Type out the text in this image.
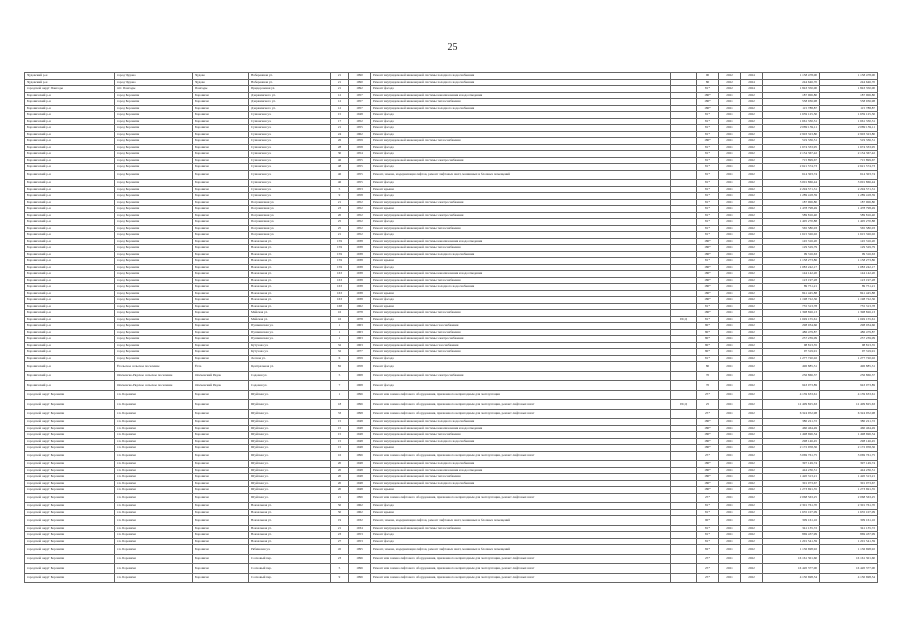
25
Чудовский р-н	город Чудово	Чудово	Набережная ул.	21	1990	Ремонт внутридомовой инженерной системы холодного водоснабжения		90	2022	2024	1 158 478,00	1 158 478,00
Чудовский р-н	город Чудово	Чудово	Набережная ул.	21	1990	Ремонт внутридомовой инженерной системы холодного водоснабжения		80	2022	2024	244 646,70	244 646,70
городской округ Пангоды	пгт. Пангоды	Пангоды	Придорожная ул.	21	1992	Ремонт фасада		81*	2022	2024	1 843 350,00	1 843 350,00
Боровичский р-н	город Боровичи	Боровичи	Дзержинского ул.	12	1957	Ремонт внутридомовой инженерной системы канализования и водоотведения		180*	2021	2022	187 906,80	187 906,80
Боровичский р-н	город Боровичи	Боровичи	Дзержинского ул.	12	1957	Ремонт внутридомовой инженерной системы теплоснабжения		180*	2021	2022	558 936,98	558 936,98
Боровичский р-н	город Боровичи	Боровичи	Дзержинского ул.	12	1957	Ремонт внутридомовой инженерной системы холодного водоснабжения		180*	2021	2022	115 788,87	115 788,87
Боровичский р-н	город Боровичи	Боровичи	Сушанская ул.	15	1948	Ремонт фасада		81*	2021	2022	1 659 125,50	1 659 125,50
Боровичский р-н	город Боровичи	Боровичи	Сушанская ул.	17	1952	Ремонт фасада		81*	2021	2022	1 661 330,31	1 661 330,31
Боровичский р-н	город Боровичи	Боровичи	Сушанская ул.	21	1955	Ремонт фасада		81*	2021	2022	2 089 159,11	2 089 159,11
Боровичский р-н	город Боровичи	Боровичи	Сушанская ул.	24	1962	Ремонт фасада		81*	2021	2022	2 903 323,80	2 903 323,80
Боровичский р-н	город Боровичи	Боровичи	Сушанская ул.	26	1959	Ремонт внутридомовой инженерной системы теплоснабжения		180*	2021	2022	519 336,51	519 336,51
Боровичский р-н	город Боровичи	Боровичи	Сушанская ул.	28	1958	Ремонт фасада		81*	2021	2022	1 674 333,95	1 674 333,95
Боровичский р-н	город Боровичи	Боровичи	Сушанская ул.	30	1954	Ремонт фасада		81*	2021	2022	2 154 367,42	2 154 367,42
Боровичский р-н	город Боровичи	Боровичи	Сушанская ул.	46	1955	Ремонт внутридомовой инженерной системы электроснабжения		81*	2021	2022	715 899,67	715 899,67
Боровичский р-н	город Боровичи	Боровичи	Сушанская ул.	48	1955	Ремонт фасада		81*	2021	2022	2 621 574,73	2 621 574,73
Боровичский р-н	город Боровичи	Боровичи	Сушанская ул.	46	1955	Ремонт, замена, модернизация лифтов, ремонт лифтовых шахт, машинных и блочных помещений		81*	2021	2022	614 303,74	614 303,74
Боровичский р-н	город Боровичи	Боровичи	Сушанская ул.	46	1955	Ремонт фасада		81*	2021	2022	3 001 866,44	3 001 866,44
Боровичский р-н	город Боровичи	Боровичи	Сушанская ул.	5	1953	Ремонт крыши		81*	2021	2022	2 294 571,31	2 294 571,31
Боровичский р-н	город Боровичи	Боровичи	Сушанская ул.	9	1958	Ремонт фасада		81*	2021	2022	1 289 418,59	1 289 418,59
Боровичский р-н	город Боровичи	Боровичи	Пограничная ул.	21	1952	Ремонт внутридомовой инженерной системы электроснабжения		81*	2021	2022	187 906,80	187 906,80
Боровичский р-н	город Боровичи	Боровичи	Пограничная ул.	23	1952	Ремонт крыши		81*	2021	2022	1 478 798,49	1 478 798,49
Боровичский р-н	город Боровичи	Боровичи	Пограничная ул.	20	1952	Ремонт внутридомовой инженерной системы электроснабжения		81*	2021	2022	589 816,40	589 816,40
Боровичский р-н	город Боровичи	Боровичи	Пограничная ул.	25	1952	Ремонт фасада		81*	2021	2022	1 405 270,88	1 405 270,88
Боровичский р-н	город Боровичи	Боровичи	Пограничная ул.	25	1952	Ремонт внутридомовой инженерной системы теплоснабжения		81*	2021	2022	565 580,03	565 580,03
Боровичский р-н	город Боровичи	Боровичи	Пограничная ул.	21	1952	Ремонт фасада		81*	2021	2022	1 615 326,02	1 615 326,02
Боровичский р-н	город Боровичи	Боровичи	Вокзальная ул.	159	1938	Ремонт внутридомовой инженерной системы канализования и водоотведения		180*	2021	2022	145 316,20	145 316,20
Боровичский р-н	город Боровичи	Боровичи	Вокзальная ул.	159	1938	Ремонт внутридомовой инженерной системы теплоснабжения		180*	2021	2022	129 529,79	129 529,79
Боровичский р-н	город Боровичи	Боровичи	Вокзальная ул.	159	1938	Ремонт внутридомовой инженерной системы холодного водоснабжения		180*	2021	2022	99 316,63	99 316,63
Боровичский р-н	город Боровичи	Боровичи	Вокзальная ул.	159	1938	Ремонт крыши		81*	2021	2022	1 158 273,86	1 158 273,86
Боровичский р-н	город Боровичи	Боровичи	Вокзальная ул.	159	1938	Ремонт фасада		180*	2021	2022	1 083 242,17	1 083 242,17
Боровичский р-н	город Боровичи	Боровичи	Вокзальная ул.	163	1938	Ремонт внутридомовой инженерной системы канализования и водоотведения		180*	2021	2022	144 142,20	144 142,20
Боровичский р-н	город Боровичи	Боровичи	Вокзальная ул.	163	1938	Ремонт внутридомовой инженерной системы теплоснабжения		180*	2021	2022	123 197,28	123 197,28
Боровичский р-н	город Боровичи	Боровичи	Вокзальная ул.	163	1938	Ремонт внутридомовой инженерной системы холодного водоснабжения		180*	2021	2022	89 751,21	89 751,21
Боровичский р-н	город Боровичи	Боровичи	Вокзальная ул.	163	1938	Ремонт крыши		180*	2021	2022	841 445,88	841 445,88
Боровичский р-н	город Боровичи	Боровичи	Вокзальная ул.	163	1938	Ремонт фасада		180*	2021	2022	1 198 722,36	1 198 722,36
Боровичский р-н	город Боровичи	Боровичи	Вокзальная ул.	168	1962	Ремонт крыши		81*	2021	2022	755 313,78	755 313,78
Боровичский р-н	город Боровичи	Боровичи	Майская ул.	16	1978	Ремонт внутридомовой инженерной системы теплоснабжения		180*	2021	2022	1 398 826,13	1 398 826,13
Боровичский р-н	город Боровичи	Боровичи	Майская ул.	16	1978	Ремонт фасада	ПСД	81*	2021	2022	1 049 155,61	1 049 155,61
Боровичский р-н	город Боровичи	Боровичи	Пушкинская ул.	1	1963	Ремонт внутридомовой инженерной системы газоснабжения		80*	2021	2022	298 034,66	298 034,66
Боровичский р-н	город Боровичи	Боровичи	Пушкинская ул.	1	1963	Ремонт внутридомовой инженерной системы теплоснабжения		80*	2021	2022	486 479,87	486 479,87
Боровичский р-н	город Боровичи	Боровичи	Пушкинская ул.	1	1963	Ремонт внутридомовой инженерной системы электроснабжения		80*	2021	2022	257 239,09	257 239,09
Боровичский р-н	город Боровичи	Боровичи	Кутузова ул.	32	1963	Ремонт внутридомовой инженерной системы газоснабжения		80*	2021	2022	98 813,35	98 813,35
Боровичский р-н	город Боровичи	Боровичи	Кутузова ул.	32	1977	Ремонт внутридомовой инженерной системы теплоснабжения		80*	2021	2022	97 319,91	97 319,91
Боровичский р-н	город Боровичи	Боровичи	Лесная ул.	6	1959	Ремонт фасада		81*	2021	2022	1 277 720,02	1 277 720,02
Боровичский р-н	Ёгольское сельское поселение	Ёгла	Центральная ул.	82	1958	Ремонт фасада		80	2021	2022	496 885,31	496 885,31
Боровичский р-н	Опеченско-Рядское сельское поселение	Опеченский Рядок	Садовая ул.	5	1968	Ремонт внутридомовой инженерной системы электроснабжения		70	2021	2022	256 866,37	256 866,37
Боровичский р-н	Опеченско-Рядское сельское поселение	Опеченский Рядок	Садовая ул.	7	1968	Ремонт фасада		70	2021	2022	943 073,89	943 073,89
городской округ Боровичи	г.п. Боровичи	Боровичи	Шуйская ул.	1	1996	Ремонт или замена лифтового оборудования, признанного непригодным для эксплуатации		25*	2021	2022	4 139 633,61	4 139 633,61
городской округ Боровичи	г.п. Боровичи	Боровичи	Шуйская ул.	18	1996	Ремонт или замена лифтового оборудования, признанного непригодным для эксплуатации, ремонт лифтовых шахт	ПСД	25	2021	2022	12 409 825,63	12 409 825,63
городской округ Боровичи	г.п. Боровичи	Боровичи	Шуйская ул.	33	1998	Ремонт или замена лифтового оборудования, признанного непригодным для эксплуатации, ремонт лифтовых шахт		25*	2021	2022	6 324 952,98	6 324 952,98
городской округ Боровичи	г.п. Боровичи	Боровичи	Шуйская ул.	15	1948	Ремонт внутридомовой инженерной системы холодного водоснабжения		180*	2021	2022	380 221,72	380 221,72
городской округ Боровичи	г.п. Боровичи	Боровичи	Шуйская ул.	15	1948	Ремонт внутридомовой инженерной системы канализования и водоотведения		180*	2021	2022	460 464,49	460 464,49
городской округ Боровичи	г.п. Боровичи	Боровичи	Шуйская ул.	15	1948	Ремонт внутридомовой инженерной системы теплоснабжения		180*	2021	2022	1 498 696,54	1 498 696,54
городской округ Боровичи	г.п. Боровичи	Боровичи	Шуйская ул.	15	1948	Ремонт внутридомовой инженерной системы холодного водоснабжения		180*	2021	2022	298 146,45	298 146,45
городской округ Боровичи	г.п. Боровичи	Боровичи	Шуйская ул.	15	1948	Ремонт крыши		180*	2021	2022	2 172 958,36	2 172 958,36
городской округ Боровичи	г.п. Боровичи	Боровичи	Шуйская ул.	16	1996	Ремонт или замена лифтового оборудования, признанного непригодным для эксплуатации, ремонт лифтовых шахт		25*	2021	2022	3 069 761,75	3 069 761,75
городской округ Боровичи	г.п. Боровичи	Боровичи	Шуйская ул.	20	1948	Ремонт внутридомовой инженерной системы холодного водоснабжения		180*	2021	2022	397 149,74	397 149,74
городской округ Боровичи	г.п. Боровичи	Боровичи	Шуйская ул.	20	1948	Ремонт внутридомовой инженерной системы канализования и водоотведения		180*	2021	2022	444 236,51	444 236,51
городской округ Боровичи	г.п. Боровичи	Боровичи	Шуйская ул.	20	1948	Ремонт внутридомовой инженерной системы теплоснабжения		180*	2021	2022	1 420 313,21	1 420 313,21
городской округ Боровичи	г.п. Боровичи	Боровичи	Шуйская ул.	20	1948	Ремонт внутридомовой инженерной системы холодного водоснабжения		180*	2021	2022	301 073,67	301 073,67
городской округ Боровичи	г.п. Боровичи	Боровичи	Шуйская ул.	20	1948	Ремонт крыши		180*	2021	2022	1 273 691,35	1 273 691,35
городской округ Боровичи	г.п. Боровичи	Боровичи	Шуйская ул.	21	1996	Ремонт или замена лифтового оборудования, признанного непригодным для эксплуатации, ремонт лифтовых шахт		25*	2021	2022	2 068 563,25	2 068 563,25
городской округ Боровичи	г.п. Боровичи	Боровичи	Вокзальная ул.	50	1962	Ремонт фасада		81*	2021	2022	2 301 761,70	2 301 761,70
городской округ Боровичи	г.п. Боровичи	Боровичи	Вокзальная ул.	50	1962	Ремонт крыши		81*	2021	2022	1 635 107,09	1 635 107,09
городской округ Боровичи	г.п. Боровичи	Боровичи	Вокзальная ул.	19	1932	Ремонт, замена, модернизация лифтов, ремонт лифтовых шахт, машинных и блочных помещений		90*	2021	2022	309 161,16	309 161,16
городской округ Боровичи	г.п. Боровичи	Боровичи	Вокзальная ул.	21	1934	Ремонт внутридомовой инженерной системы теплоснабжения		81*	2021	2022	341 135,72	341 135,72
городской округ Боровичи	г.п. Боровичи	Боровичи	Вокзальная ул.	23	1953	Ремонт фасада		81*	2021	2022	869 437,99	869 437,99
городской округ Боровичи	г.п. Боровичи	Боровичи	Вокзальная ул.	27	1953	Ремонт фасада		81*	2021	2022	1 201 541,59	1 201 541,59
городской округ Боровичи	г.п. Боровичи	Боровичи	Рябиновая ул.	45	1995	Ремонт, замена, модернизация лифтов, ремонт лифтовых шахт, машинных и блочных помещений		82*	2021	2022	1 136 698,92	1 136 698,92
городской округ Боровичи	г.п. Боровичи	Боровичи	Сосновый пер.	23	1996	Ремонт или замена лифтового оборудования, признанного непригодным для эксплуатации, ремонт лифтовых шахт		25*	2021	2022	16 161 301,60	16 161 301,60
городской округ Боровичи	г.п. Боровичи	Боровичи	Сосновый пер.	5	1996	Ремонт или замена лифтового оборудования, признанного непригодным для эксплуатации, ремонт лифтовых шахт		25*	2021	2022	16 420 377,00	16 420 377,00
городской округ Боровичи	г.п. Боровичи	Боровичи	Сосновый пер.	9	1996	Ремонт или замена лифтового оборудования, признанного непригодным для эксплуатации, ремонт лифтовых шахт		25*	2021	2022	4 150 698,54	4 150 698,54
